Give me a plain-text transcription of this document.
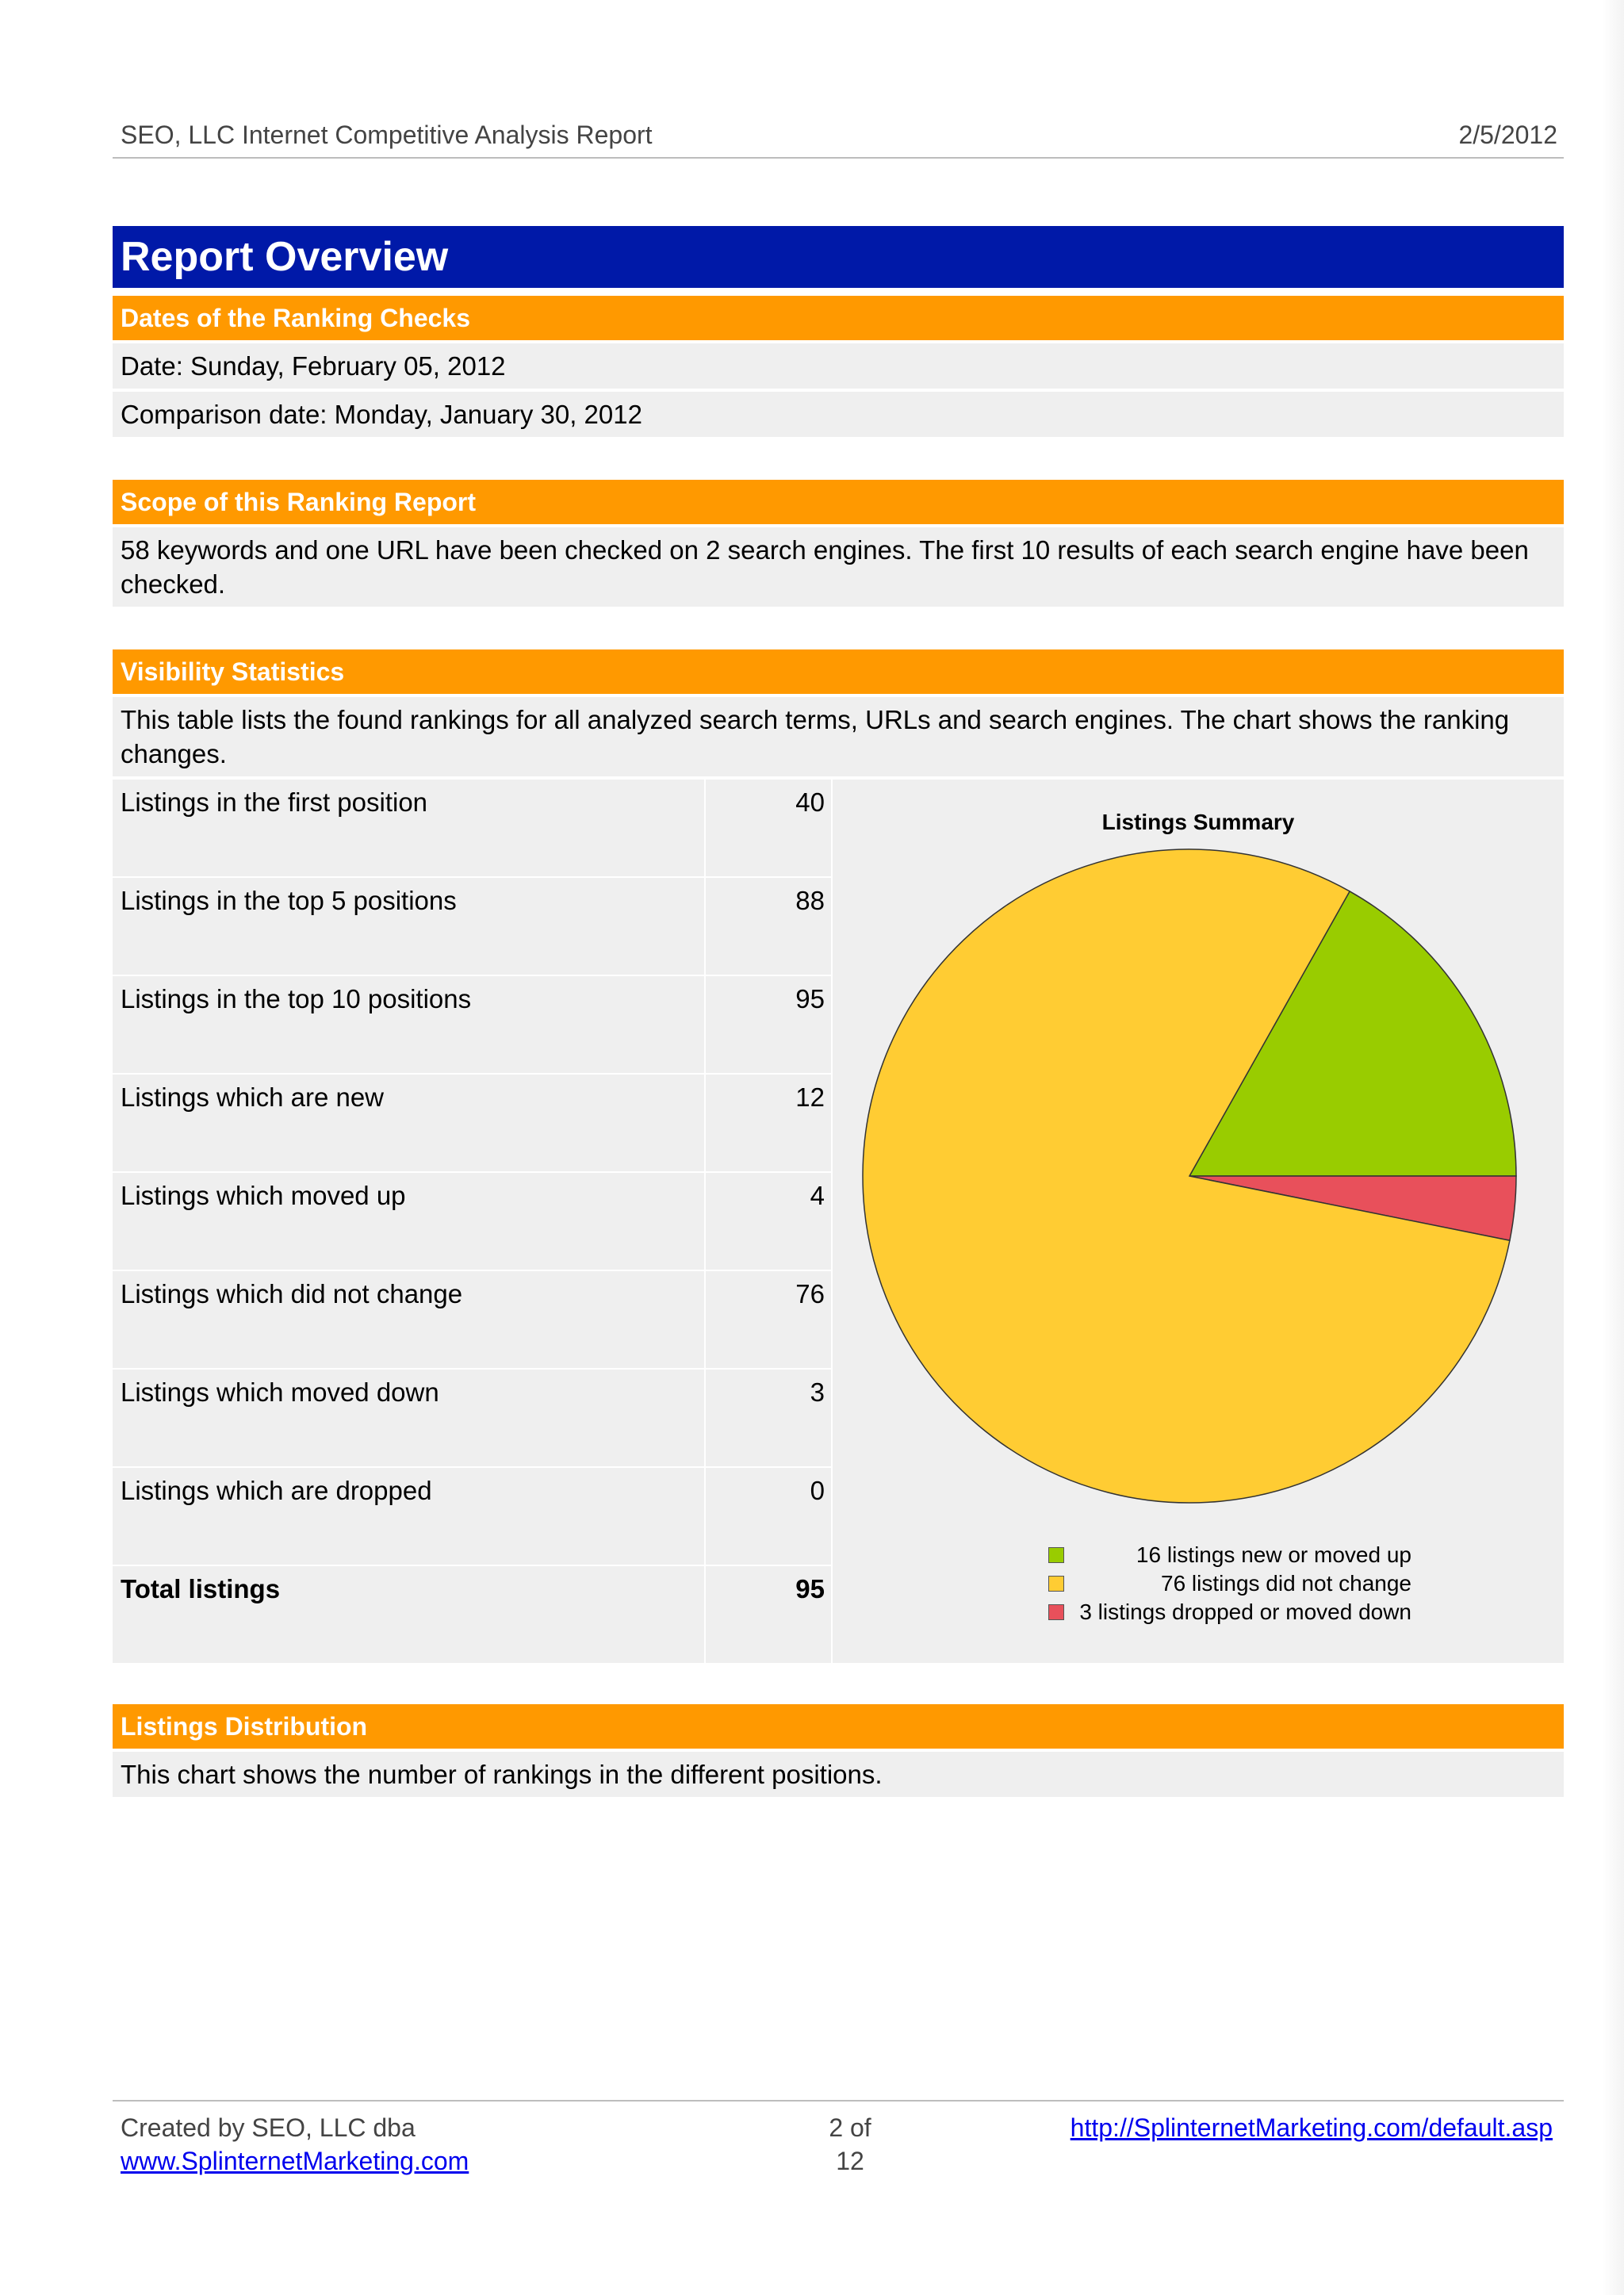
SEO, LLC Internet Competitive Analysis Report	2/5/2012
Report Overview
Dates of the Ranking Checks
Date: Sunday, February 05, 2012
Comparison date: Monday, January 30, 2012
Scope of this Ranking Report
58 keywords and one URL have been checked on 2 search engines. The first 10 results of each search engine have been checked.
Visibility Statistics
This table lists the found rankings for all analyzed search terms, URLs and search engines. The chart shows the ranking changes.
Listings in the first position	40
Listings in the top 5 positions	88
Listings in the top 10 positions	95
Listings which are new	12
Listings which moved up	4
Listings which did not change	76
Listings which moved down	3
Listings which are dropped	0
Total listings	95
Listings Summary
16 listings new or moved up
76 listings did not change
3 listings dropped or moved down
Listings Distribution
This chart shows the number of rankings in the different positions.
Created by SEO, LLC dba
www.SplinternetMarketing.com
2 of
12
http://SplinternetMarketing.com/default.asp
